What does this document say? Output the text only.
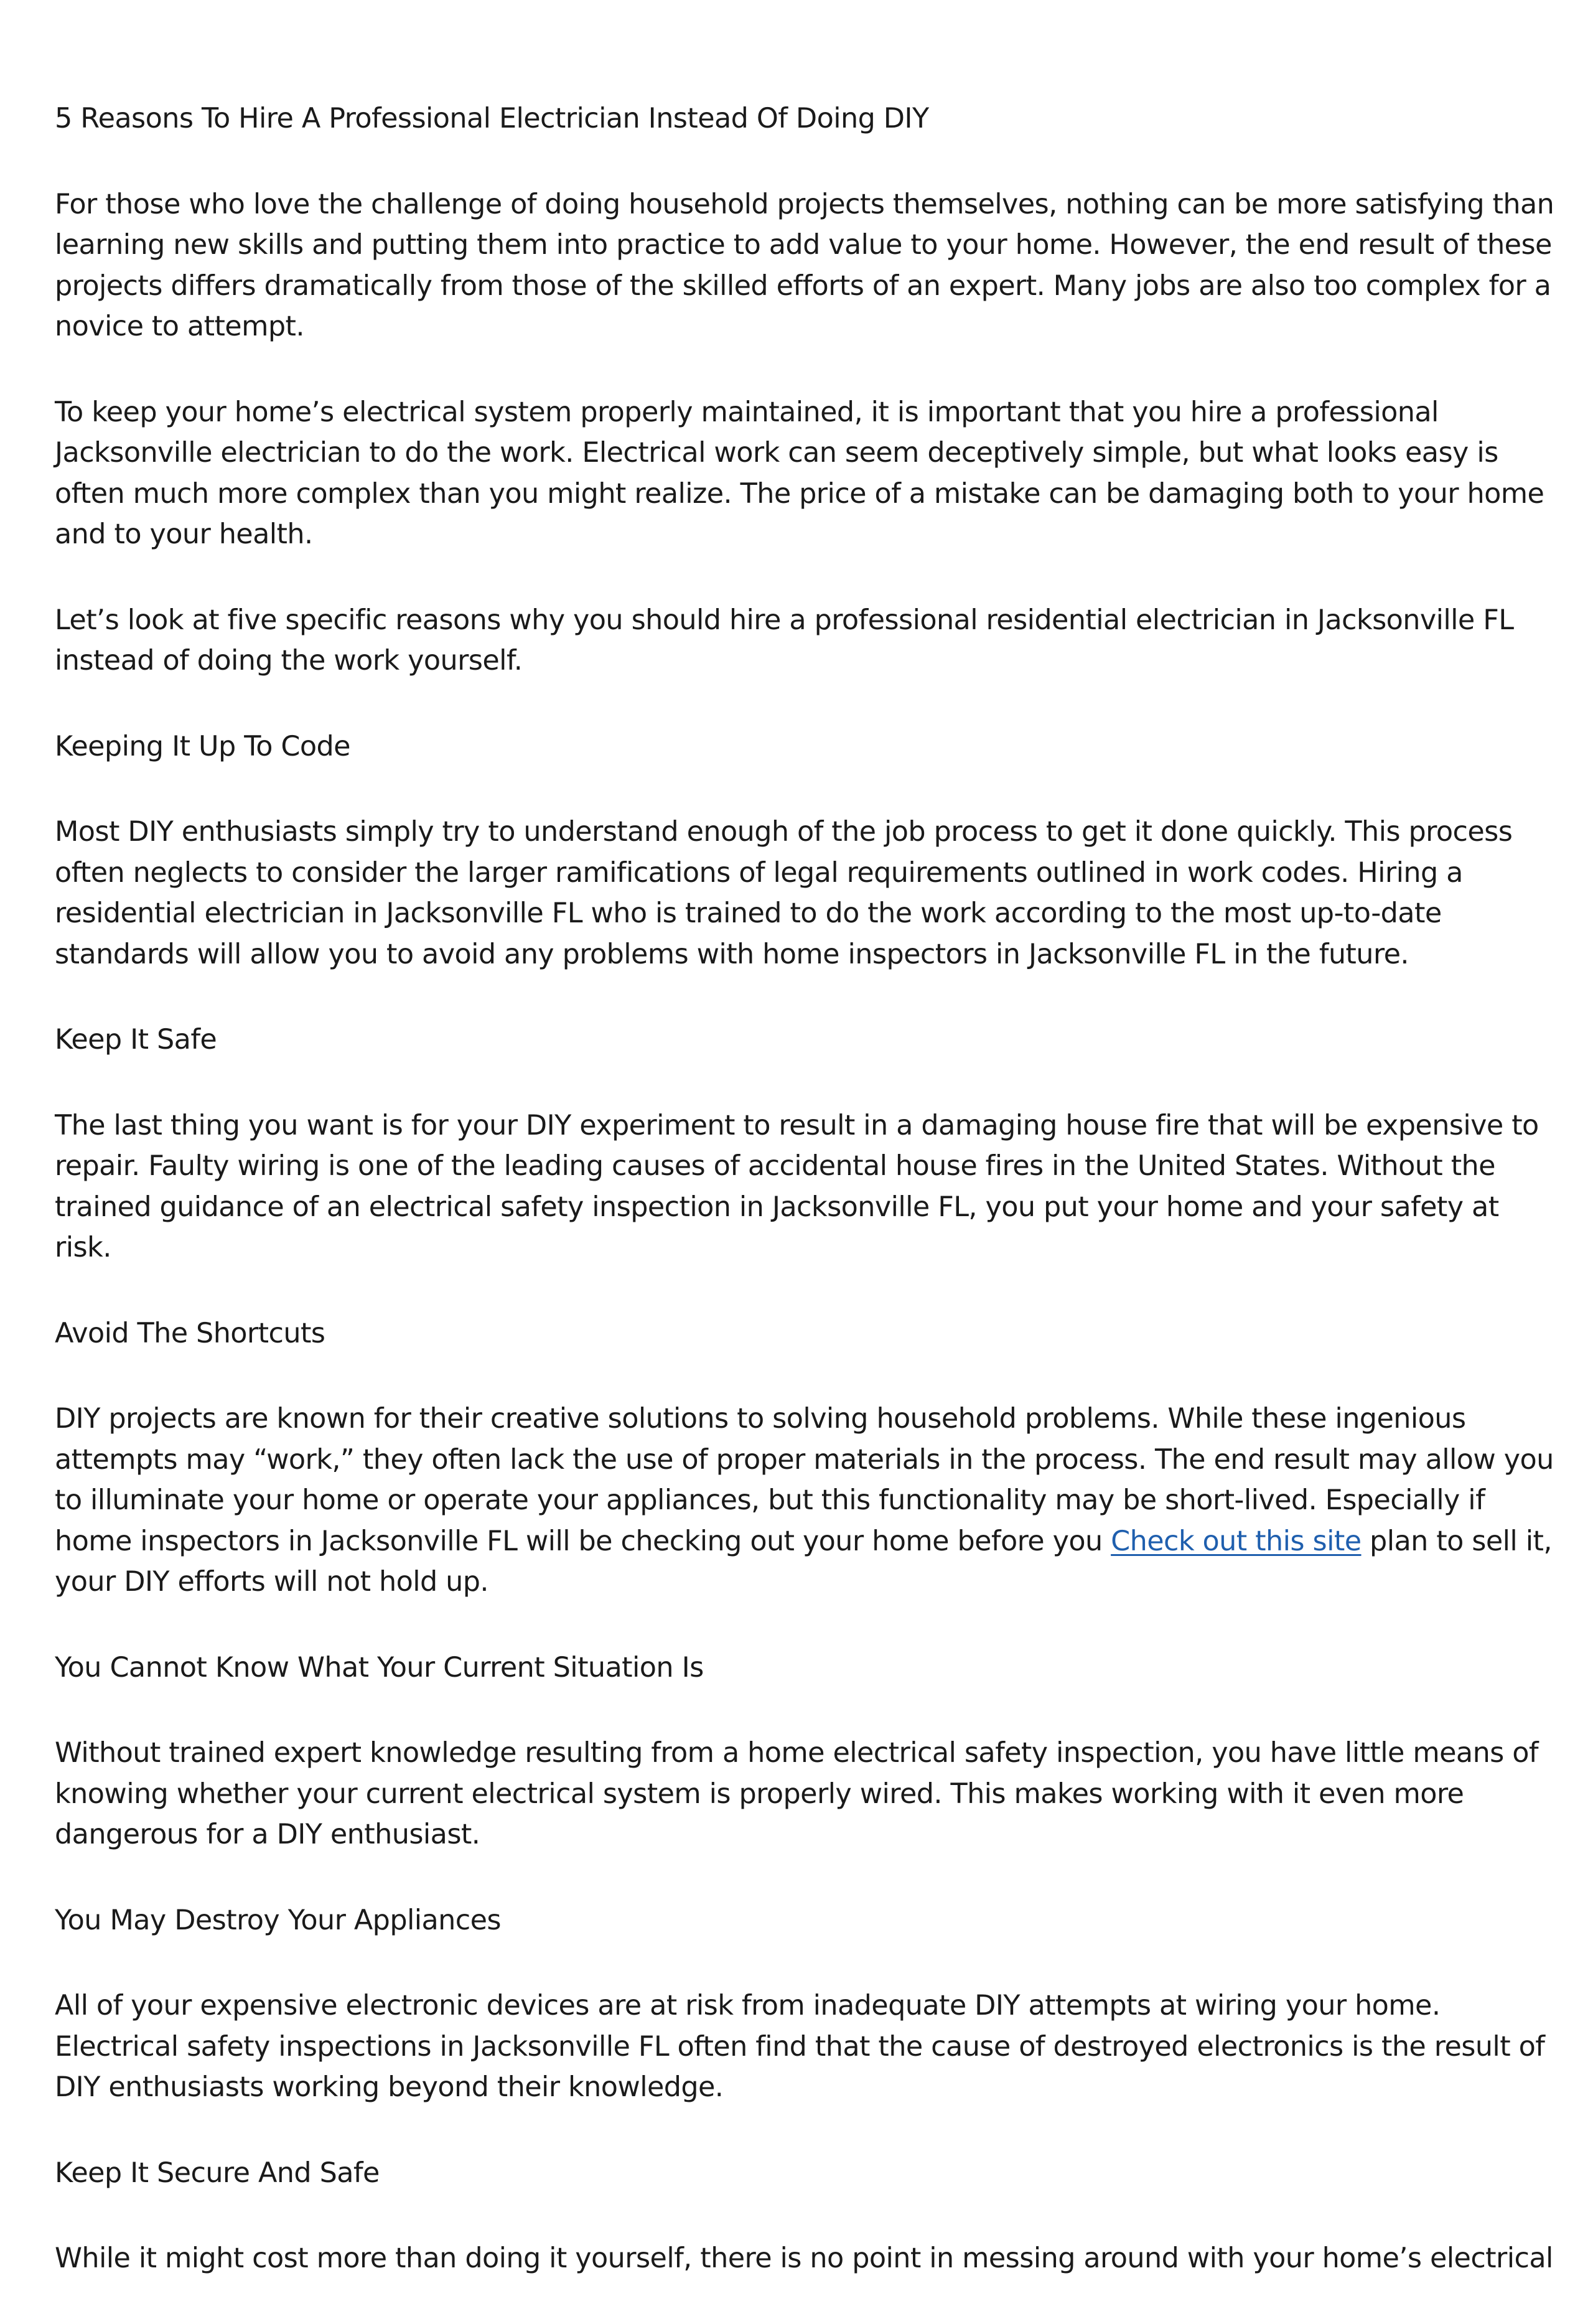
5 Reasons To Hire A Professional Electrician Instead Of Doing DIY

For those who love the challenge of doing household projects themselves, nothing can be more satisfying than learning new skills and putting them into practice to add value to your home. However, the end result of these projects differs dramatically from those of the skilled efforts of an expert. Many jobs are also too complex for a novice to attempt.

To keep your home’s electrical system properly maintained, it is important that you hire a professional Jacksonville electrician to do the work. Electrical work can seem deceptively simple, but what looks easy is often much more complex than you might realize. The price of a mistake can be damaging both to your home and to your health.

Let’s look at five specific reasons why you should hire a professional residential electrician in Jacksonville FL instead of doing the work yourself.

Keeping It Up To Code

Most DIY enthusiasts simply try to understand enough of the job process to get it done quickly. This process often neglects to consider the larger ramifications of legal requirements outlined in work codes. Hiring a residential electrician in Jacksonville FL who is trained to do the work according to the most up-to-date standards will allow you to avoid any problems with home inspectors in Jacksonville FL in the future.

Keep It Safe

The last thing you want is for your DIY experiment to result in a damaging house fire that will be expensive to repair. Faulty wiring is one of the leading causes of accidental house fires in the United States. Without the trained guidance of an electrical safety inspection in Jacksonville FL, you put your home and your safety at risk.

Avoid The Shortcuts

DIY projects are known for their creative solutions to solving household problems. While these ingenious attempts may “work,” they often lack the use of proper materials in the process. The end result may allow you to illuminate your home or operate your appliances, but this functionality may be short-lived. Especially if home inspectors in Jacksonville FL will be checking out your home before you Check out this site plan to sell it, your DIY efforts will not hold up.

You Cannot Know What Your Current Situation Is

Without trained expert knowledge resulting from a home electrical safety inspection, you have little means of knowing whether your current electrical system is properly wired. This makes working with it even more dangerous for a DIY enthusiast.

You May Destroy Your Appliances

All of your expensive electronic devices are at risk from inadequate DIY attempts at wiring your home. Electrical safety inspections in Jacksonville FL often find that the cause of destroyed electronics is the result of DIY enthusiasts working beyond their knowledge.

Keep It Secure And Safe

While it might cost more than doing it yourself, there is no point in messing around with your home’s electrical
